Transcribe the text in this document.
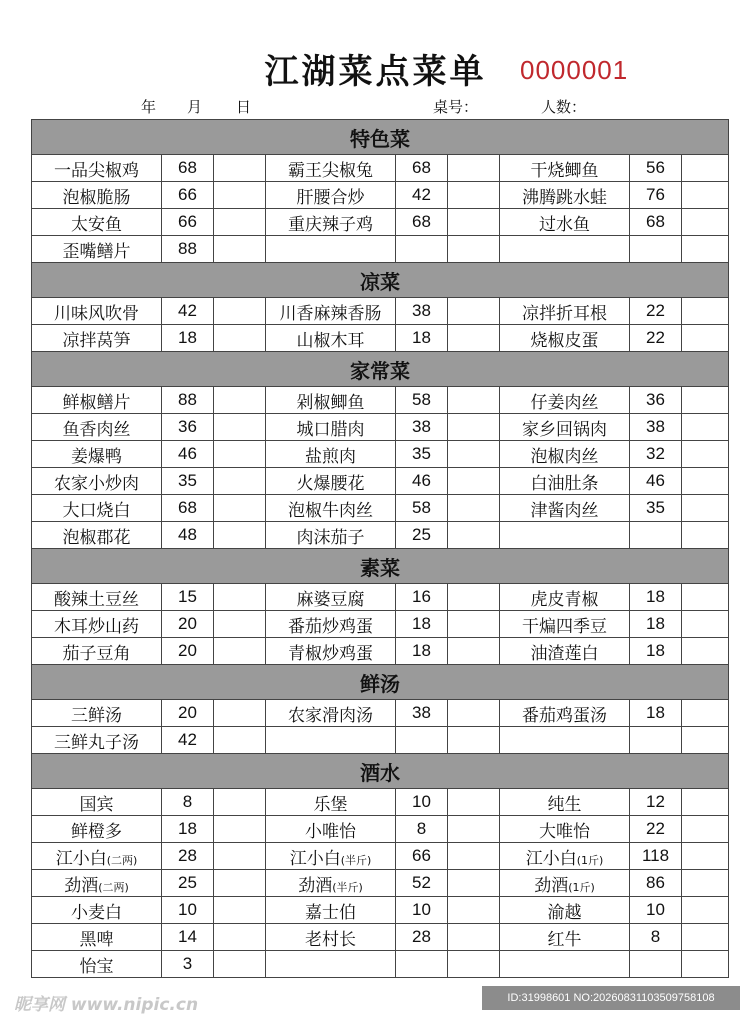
江湖菜点菜单	0000001
年 月 日	桌号：	人数：
特色菜								
一品尖椒鸡	68		霸王尖椒兔	68		干烧鲫鱼	56	
泡椒脆肠	66		肝腰合炒	42		沸腾跳水蛙	76	
太安鱼	66		重庆辣子鸡	68		过水鱼	68	
歪嘴鳝片	88							
凉菜								
川味风吹骨	42		川香麻辣香肠	38		凉拌折耳根	22	
凉拌莴笋	18		山椒木耳	18		烧椒皮蛋	22	
家常菜								
鲜椒鳝片	88		剁椒鲫鱼	58		仔姜肉丝	36	
鱼香肉丝	36		城口腊肉	38		家乡回锅肉	38	
姜爆鸭	46		盐煎肉	35		泡椒肉丝	32	
农家小炒肉	35		火爆腰花	46		白油肚条	46	
大口烧白	68		泡椒牛肉丝	58		津酱肉丝	35	
泡椒郡花	48		肉沫茄子	25				
素菜								
酸辣土豆丝	15		麻婆豆腐	16		虎皮青椒	18	
木耳炒山药	20		番茄炒鸡蛋	18		干煸四季豆	18	
茄子豆角	20		青椒炒鸡蛋	18		油渣莲白	18	
鲜汤								
三鲜汤	20		农家滑肉汤	38		番茄鸡蛋汤	18	
三鲜丸子汤	42							
酒水								
国宾	8		乐堡	10		纯生	12	
鲜橙多	18		小唯怡	8		大唯怡	22	
江小白(二两)	28		江小白(半斤)	66		江小白(1斤)	118	
劲酒(二两)	25		劲酒(半斤)	52		劲酒(1斤)	86	
小麦白	10		嘉士伯	10		渝越	10	
黑啤	14		老村长	28		红牛	8	
怡宝	3							
昵享网 www.nipic.cn	ID:31998601 NO:20260831103509758108
